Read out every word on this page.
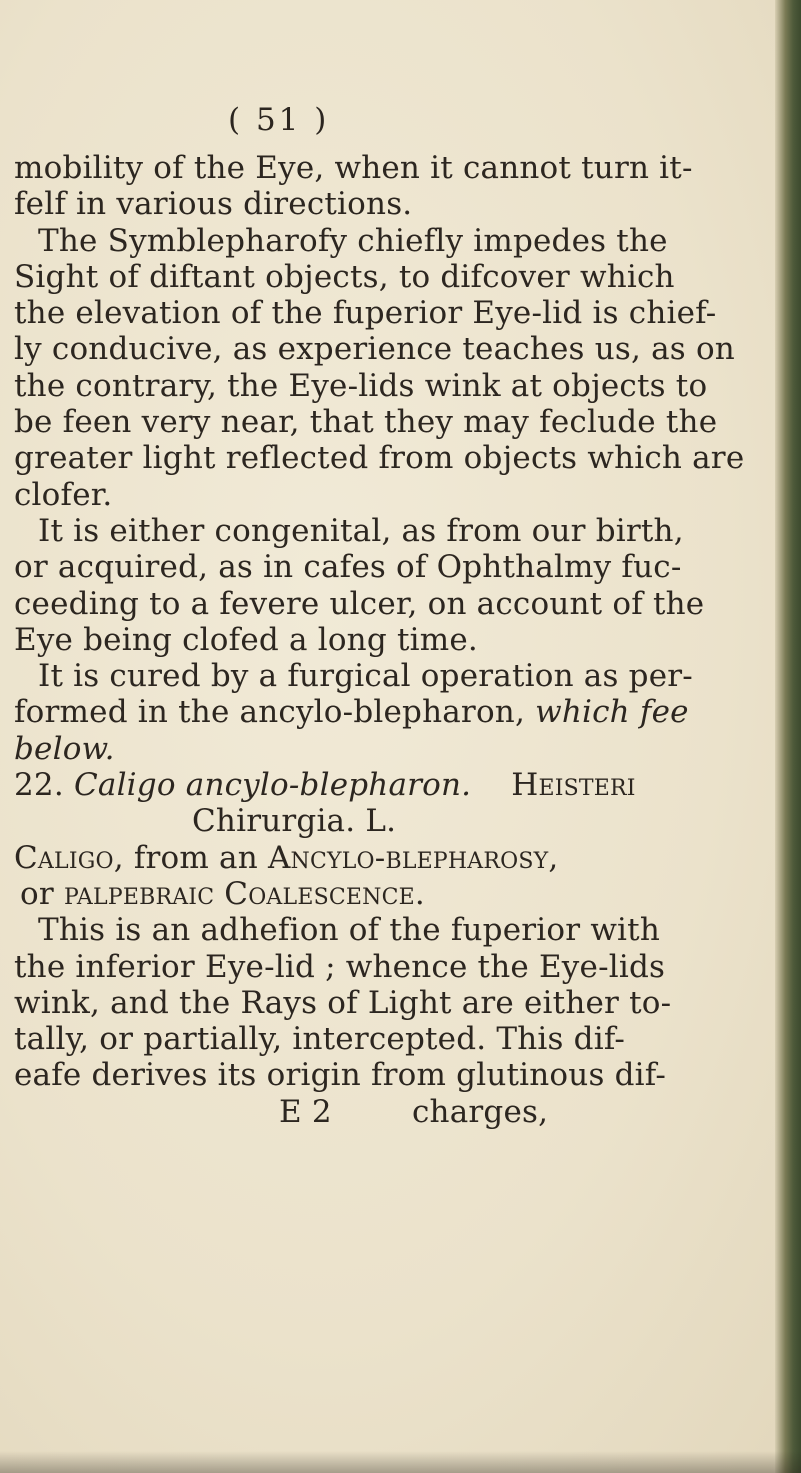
( 51 )
mobility of the Eye, when it cannot turn it-
felf in various directions.
The Symblepharofy chiefly impedes the
Sight of diftant objects, to difcover which
the elevation of the fuperior Eye-lid is chief-
ly conducive, as experience teaches us, as on
the contrary, the Eye-lids wink at objects to
be feen very near, that they may feclude the
greater light reflected from objects which are
clofer.
It is either congenital, as from our birth,
or acquired, as in cafes of Ophthalmy fuc-
ceeding to a fevere ulcer, on account of the
Eye being clofed a long time.
It is cured by a furgical operation as per-
formed in the ancylo-blepharon, which fee
below.
22. Caligo ancylo-blepharon. Heisteri
Chirurgia. L.
Caligo, from an Ancylo-blepharosy,
or palpebraic Coalescence.
This is an adhefion of the fuperior with
the inferior Eye-lid ; whence the Eye-lids
wink, and the Rays of Light are either to-
tally, or partially, intercepted. This dif-
eafe derives its origin from glutinous dif-
E 2	charges,
